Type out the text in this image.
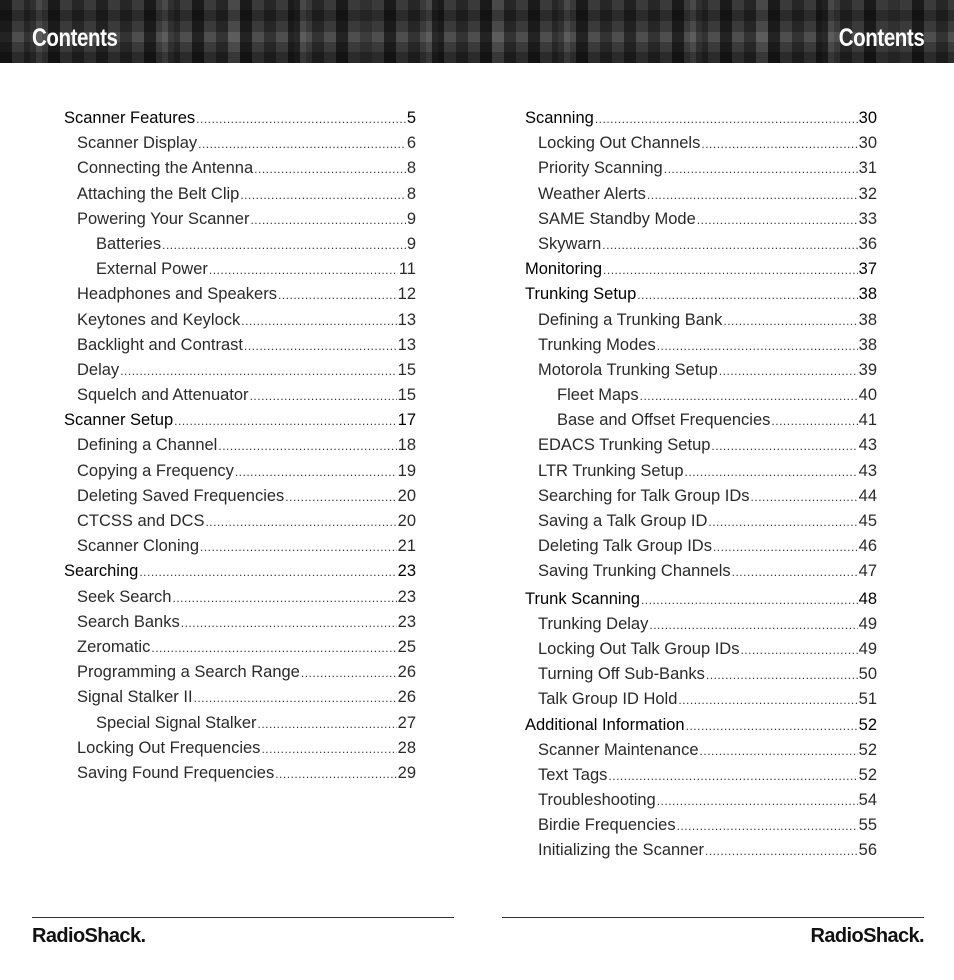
Contents	Contents
Scanner Features .....	5
Scanner Display .....	6
Connecting the Antenna .....	8
Attaching the Belt Clip .....	8
Powering Your Scanner .....	9
Batteries .....	9
External Power .....	11
Headphones and Speakers .....	12
Keytones and Keylock .....	13
Backlight and Contrast .....	13
Delay .....	15
Squelch and Attenuator .....	15
Scanner Setup .....	17
Defining a Channel .....	18
Copying a Frequency .....	19
Deleting Saved Frequencies .....	20
CTCSS and DCS .....	20
Scanner Cloning .....	21
Searching .....	23
Seek Search .....	23
Search Banks .....	23
Zeromatic .....	25
Programming a Search Range .....	26
Signal Stalker II .....	26
Special Signal Stalker .....	27
Locking Out Frequencies .....	28
Saving Found Frequencies .....	29
Scanning .....	30
Locking Out Channels .....	30
Priority Scanning .....	31
Weather Alerts .....	32
SAME Standby Mode .....	33
Skywarn .....	36
Monitoring .....	37
Trunking Setup .....	38
Defining a Trunking Bank .....	38
Trunking Modes .....	38
Motorola Trunking Setup .....	39
Fleet Maps .....	40
Base and Offset Frequencies .....	41
EDACS Trunking Setup .....	43
LTR Trunking Setup .....	43
Searching for Talk Group IDs .....	44
Saving a Talk Group ID .....	45
Deleting Talk Group IDs .....	46
Saving Trunking Channels .....	47
Trunk Scanning .....	48
Trunking Delay .....	49
Locking Out Talk Group IDs .....	49
Turning Off Sub-Banks .....	50
Talk Group ID Hold .....	51
Additional Information .....	52
Scanner Maintenance .....	52
Text Tags .....	52
Troubleshooting .....	54
Birdie Frequencies .....	55
Initializing the Scanner .....	56
RadioShack.	RadioShack.
